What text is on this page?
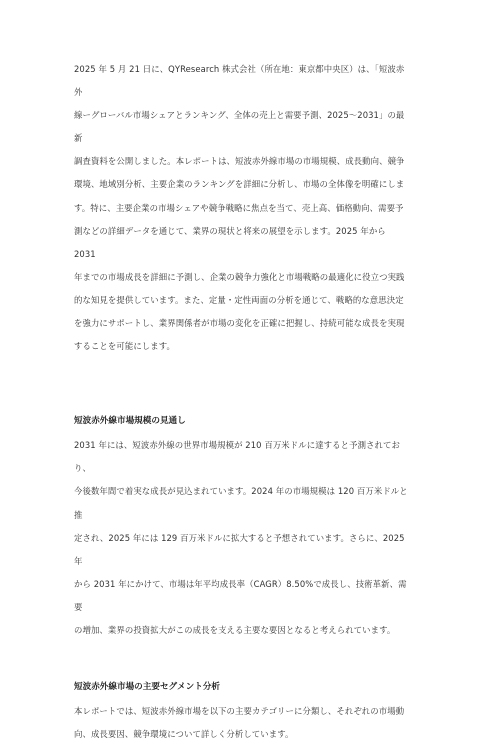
2025 年 5 月 21 日に、QYResearch 株式会社（所在地：東京都中央区）は、「短波赤外

線ーグローバル市場シェアとランキング、全体の売上と需要予測、2025〜2031」の最新

調査資料を公開しました。本レポートは、短波赤外線市場の市場規模、成長動向、競争

環境、地域別分析、主要企業のランキングを詳細に分析し、市場の全体像を明確にしま

す。特に、主要企業の市場シェアや競争戦略に焦点を当て、売上高、価格動向、需要予

測などの詳細データを通じて、業界の現状と将来の展望を示します。2025 年から 2031

年までの市場成長を詳細に予測し、企業の競争力強化と市場戦略の最適化に役立つ実践

的な知見を提供しています。また、定量・定性両面の分析を通じて、戦略的な意思決定

を強力にサポートし、業界関係者が市場の変化を正確に把握し、持続可能な成長を実現

することを可能にします。

短波赤外線市場規模の見通し

2031 年には、短波赤外線の世界市場規模が 210 百万米ドルに達すると予測されており、

今後数年間で着実な成長が見込まれています。2024 年の市場規模は 120 百万米ドルと推

定され、2025 年には 129 百万米ドルに拡大すると予想されています。さらに、2025 年

から 2031 年にかけて、市場は年平均成長率（CAGR）8.50%で成長し、技術革新、需要

の増加、業界の投資拡大がこの成長を支える主要な要因となると考えられています。

短波赤外線市場の主要セグメント分析

本レポートでは、短波赤外線市場を以下の主要カテゴリーに分類し、それぞれの市場動

向、成長要因、競争環境について詳しく分析しています。
